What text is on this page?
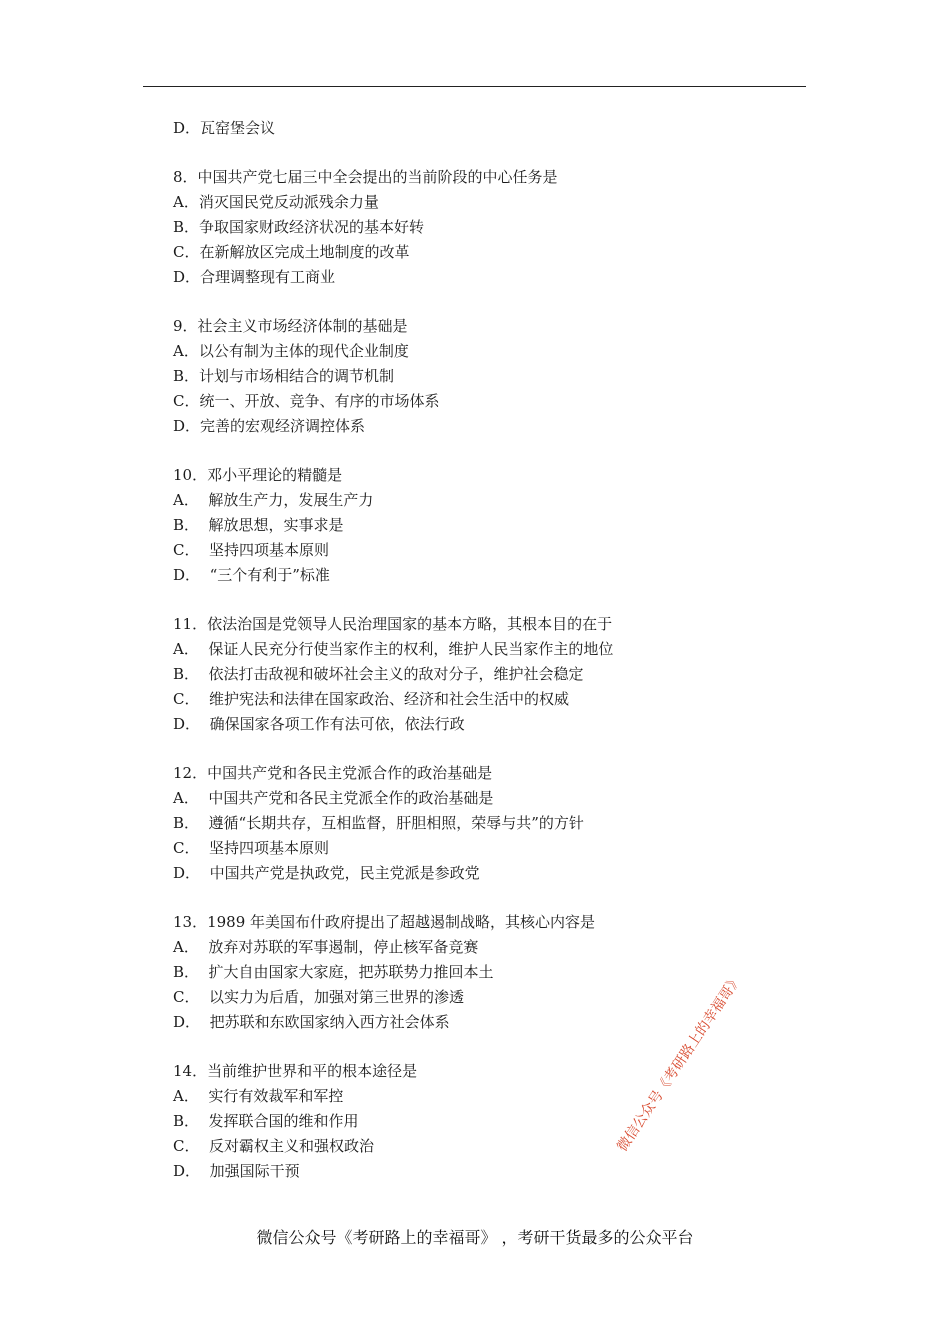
D．瓦窑堡会议
8．中国共产党七届三中全会提出的当前阶段的中心任务是
A．消灭国民党反动派残余力量
B．争取国家财政经济状况的基本好转
C．在新解放区完成土地制度的改革
D．合理调整现有工商业
9．社会主义市场经济体制的基础是
A．以公有制为主体的现代企业制度
B．计划与市场相结合的调节机制
C．统一、开放、竞争、有序的市场体系
D．完善的宏观经济调控体系
10．邓小平理论的精髓是
A．  解放生产力，发展生产力
B．  解放思想，实事求是
C．  坚持四项基本原则
D．  “三个有利于”标准
11．依法治国是党领导人民治理国家的基本方略，其根本目的在于
A．  保证人民充分行使当家作主的权利，维护人民当家作主的地位
B．  依法打击敌视和破坏社会主义的敌对分子，维护社会稳定
C．  维护宪法和法律在国家政治、经济和社会生活中的权威
D．  确保国家各项工作有法可依，依法行政
12．中国共产党和各民主党派合作的政治基础是
A．  中国共产党和各民主党派全作的政治基础是
B．  遵循“长期共存，互相监督，肝胆相照，荣辱与共”的方针
C．  坚持四项基本原则
D．  中国共产党是执政党，民主党派是参政党
13．1989 年美国布什政府提出了超越遏制战略，其核心内容是
A．  放弃对苏联的军事遏制，停止核军备竞赛
B．  扩大自由国家大家庭，把苏联势力推回本土
C．  以实力为后盾，加强对第三世界的渗透
D．  把苏联和东欧国家纳入西方社会体系
14．当前维护世界和平的根本途径是
A．  实行有效裁军和军控
B．  发挥联合国的维和作用
C．  反对霸权主义和强权政治
D．  加强国际干预
微信公众号《考研路上的幸福哥》
微信公众号《考研路上的幸福哥》 ，考研干货最多的公众平台
